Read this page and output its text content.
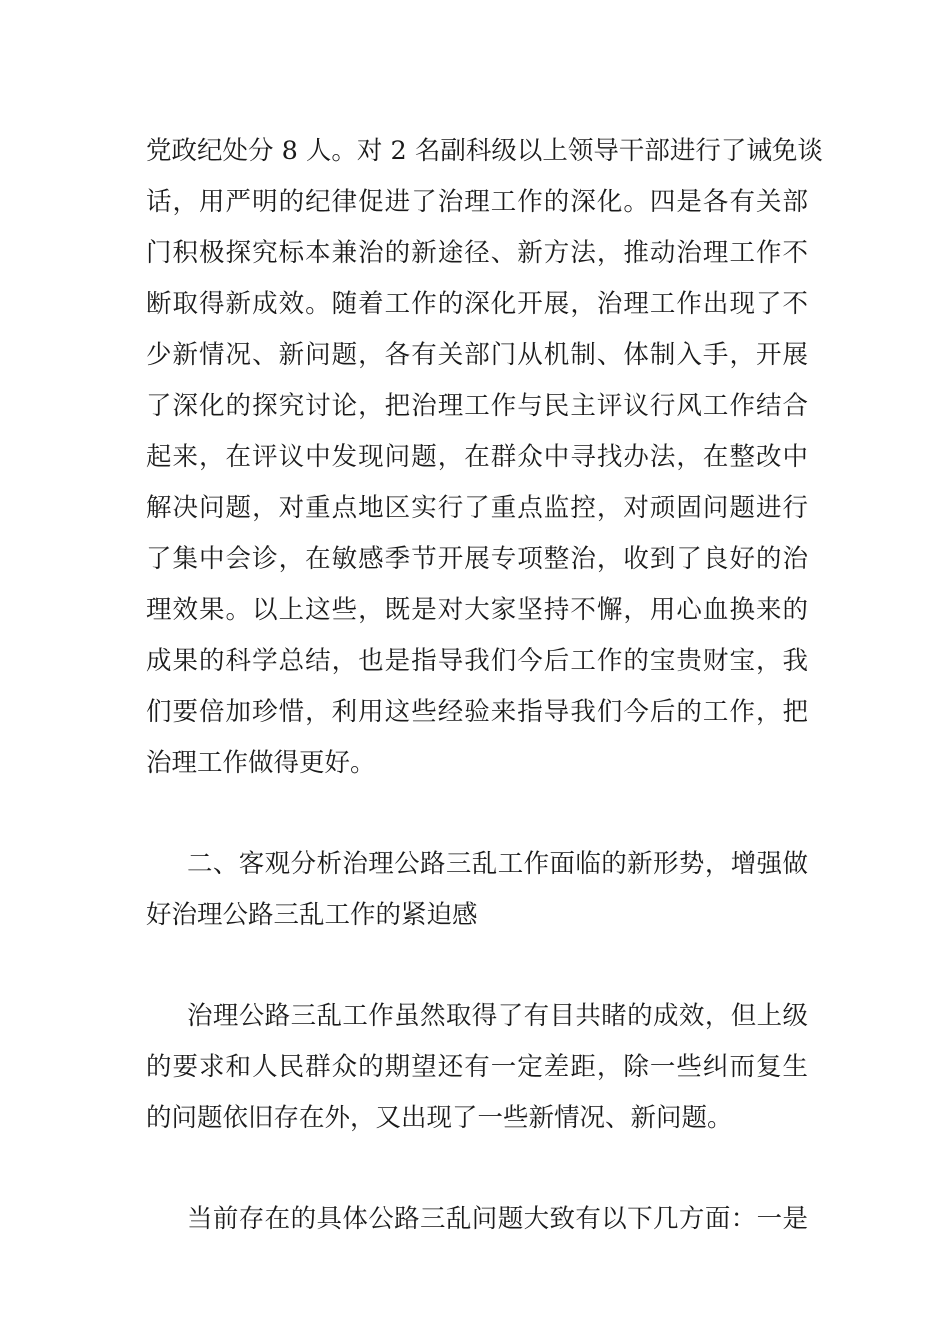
党政纪处分 8 人。对 2 名副科级以上领导干部进行了诫免谈
话，用严明的纪律促进了治理工作的深化。四是各有关部
门积极探究标本兼治的新途径、新方法，推动治理工作不
断取得新成效。随着工作的深化开展，治理工作出现了不
少新情况、新问题，各有关部门从机制、体制入手，开展
了深化的探究讨论，把治理工作与民主评议行风工作结合
起来，在评议中发现问题，在群众中寻找办法，在整改中
解决问题，对重点地区实行了重点监控，对顽固问题进行
了集中会诊，在敏感季节开展专项整治，收到了良好的治
理效果。以上这些，既是对大家坚持不懈，用心血换来的
成果的科学总结，也是指导我们今后工作的宝贵财宝，我
们要倍加珍惜，利用这些经验来指导我们今后的工作，把
治理工作做得更好。
二、客观分析治理公路三乱工作面临的新形势，增强做
好治理公路三乱工作的紧迫感
治理公路三乱工作虽然取得了有目共睹的成效，但上级
的要求和人民群众的期望还有一定差距，除一些纠而复生
的问题依旧存在外，又出现了一些新情况、新问题。
当前存在的具体公路三乱问题大致有以下几方面：一是
